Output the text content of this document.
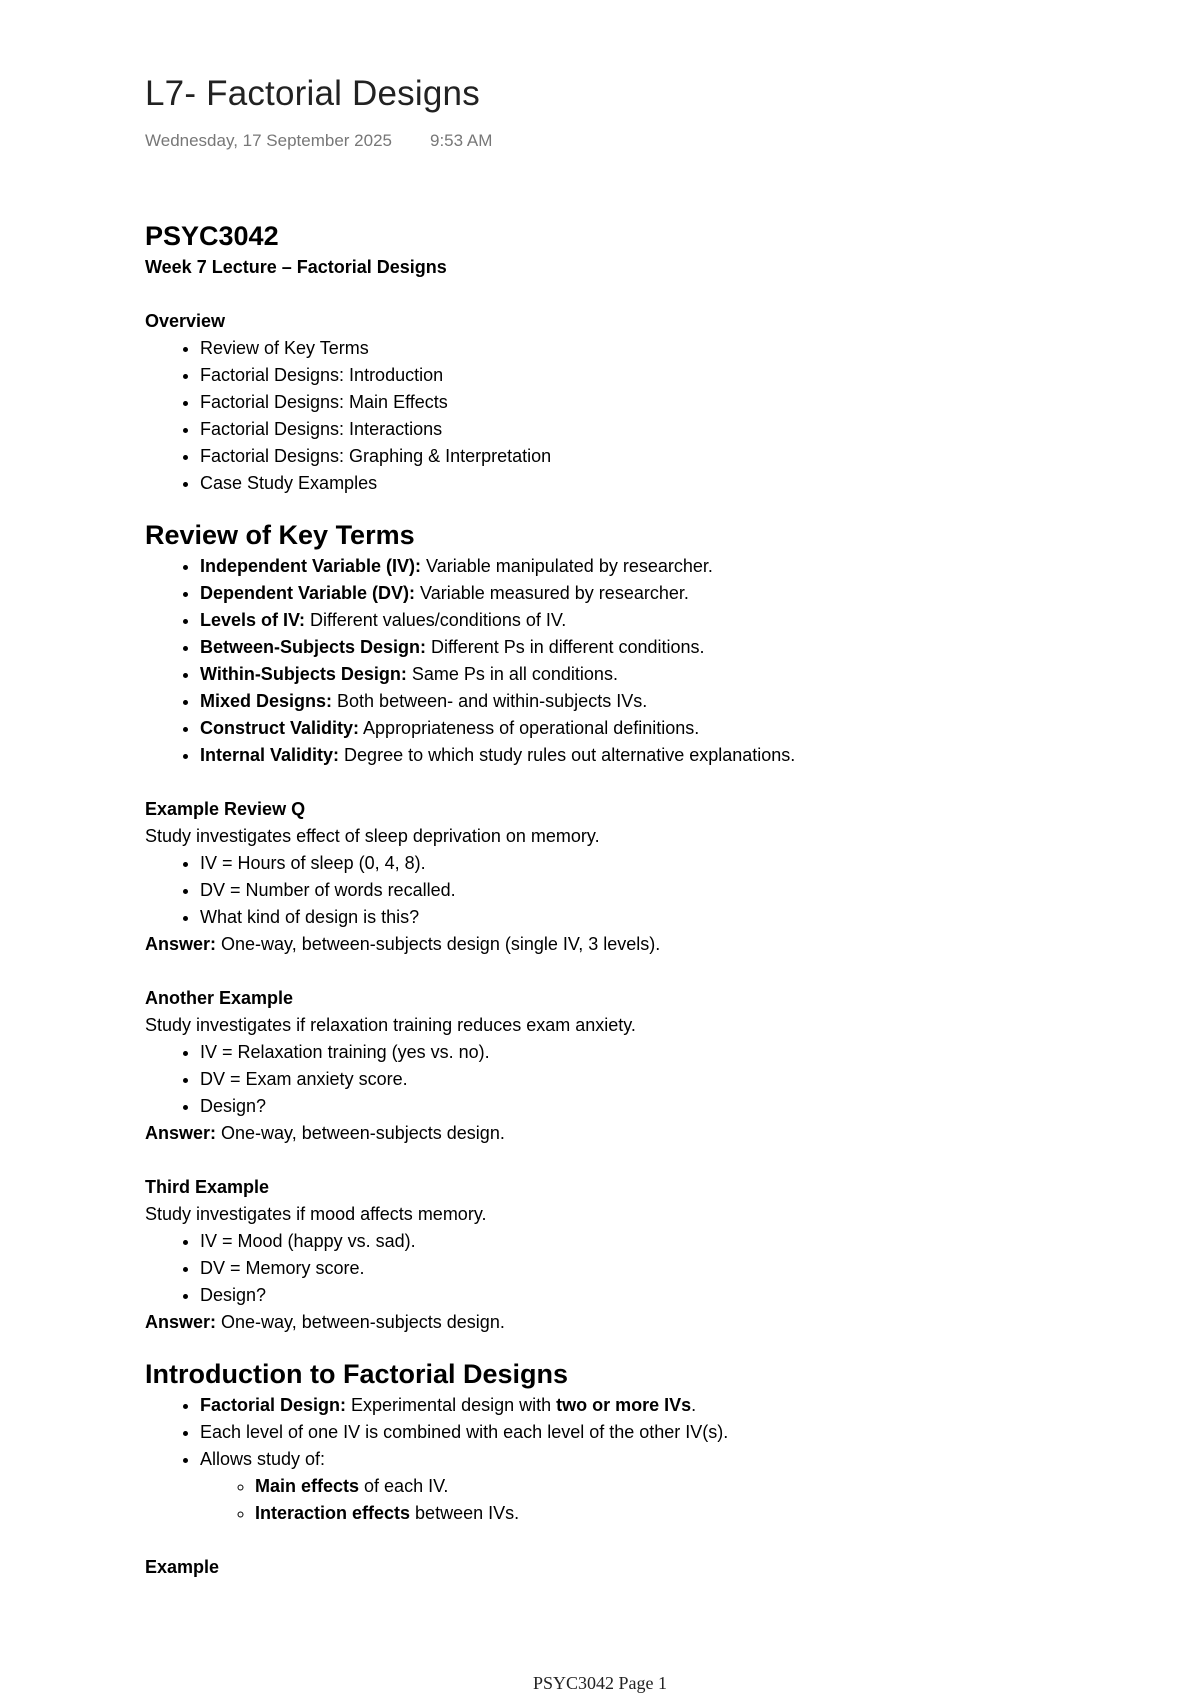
L7- Factorial Designs
Wednesday, 17 September 2025 9:53 AM

PSYC3042

Week 7 Lecture – Factorial Designs

Overview

• Review of Key Terms
• Factorial Designs: Introduction
• Factorial Designs: Main Effects
• Factorial Designs: Interactions
• Factorial Designs: Graphing & Interpretation
• Case Study Examples

Review of Key Terms

• Independent Variable (IV): Variable manipulated by researcher.
• Dependent Variable (DV): Variable measured by researcher.
• Levels of IV: Different values/conditions of IV.
• Between-Subjects Design: Different Ps in different conditions.
• Within-Subjects Design: Same Ps in all conditions.
• Mixed Designs: Both between- and within-subjects IVs.
• Construct Validity: Appropriateness of operational definitions.
• Internal Validity: Degree to which study rules out alternative explanations.

Example Review Q

Study investigates effect of sleep deprivation on memory.

• IV = Hours of sleep (0, 4, 8).
• DV = Number of words recalled.
• What kind of design is this?

Answer: One-way, between-subjects design (single IV, 3 levels).

Another Example

Study investigates if relaxation training reduces exam anxiety.

• IV = Relaxation training (yes vs. no).
• DV = Exam anxiety score.
• Design?

Answer: One-way, between-subjects design.

Third Example

Study investigates if mood affects memory.

• IV = Mood (happy vs. sad).
• DV = Memory score.
• Design?

Answer: One-way, between-subjects design.

Introduction to Factorial Designs

• Factorial Design: Experimental design with two or more IVs.
• Each level of one IV is combined with each level of the other IV(s).
• Allows study of:
◦ Main effects of each IV.
◦ Interaction effects between IVs.

Example

PSYC3042 Page 1
